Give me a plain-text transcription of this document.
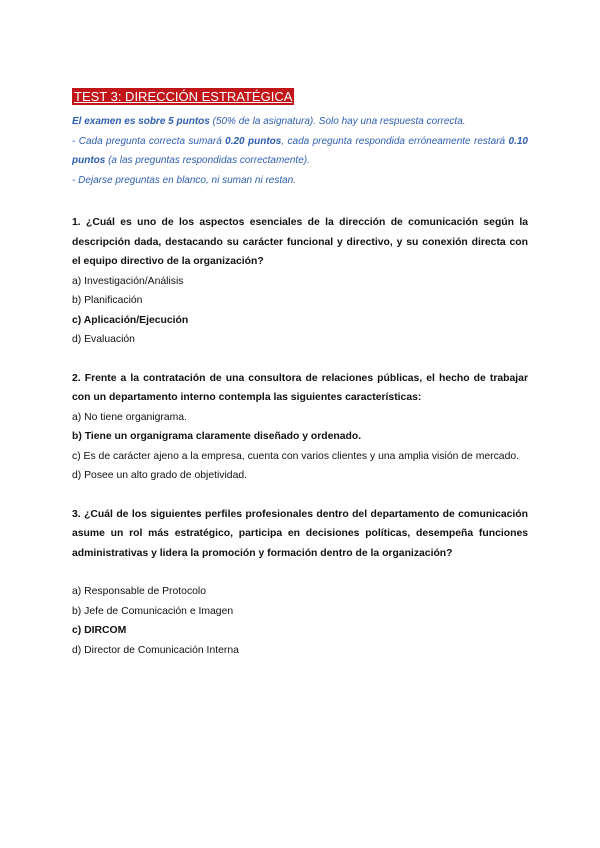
TEST 3: DIRECCIÓN ESTRATÉGICA

El examen es sobre 5 puntos (50% de la asignatura). Solo hay una respuesta correcta.

- Cada pregunta correcta sumará 0.20 puntos, cada pregunta respondida erróneamente restará 0.10 puntos (a las preguntas respondidas correctamente).

- Dejarse preguntas en blanco, ni suman ni restan.

1. ¿Cuál es uno de los aspectos esenciales de la dirección de comunicación según la descripción dada, destacando su carácter funcional y directivo, y su conexión directa con el equipo directivo de la organización?

a) Investigación/Análisis

b) Planificación

c) Aplicación/Ejecución

d) Evaluación

2. Frente a la contratación de una consultora de relaciones públicas, el hecho de trabajar con un departamento interno contempla las siguientes características:

a) No tiene organigrama.

b) Tiene un organigrama claramente diseñado y ordenado.

c) Es de carácter ajeno a la empresa, cuenta con varios clientes y una amplia visión de mercado.

d) Posee un alto grado de objetividad.

3. ¿Cuál de los siguientes perfiles profesionales dentro del departamento de comunicación asume un rol más estratégico, participa en decisiones políticas, desempeña funciones administrativas y lidera la promoción y formación dentro de la organización?

a) Responsable de Protocolo

b) Jefe de Comunicación e Imagen

c) DIRCOM

d) Director de Comunicación Interna
